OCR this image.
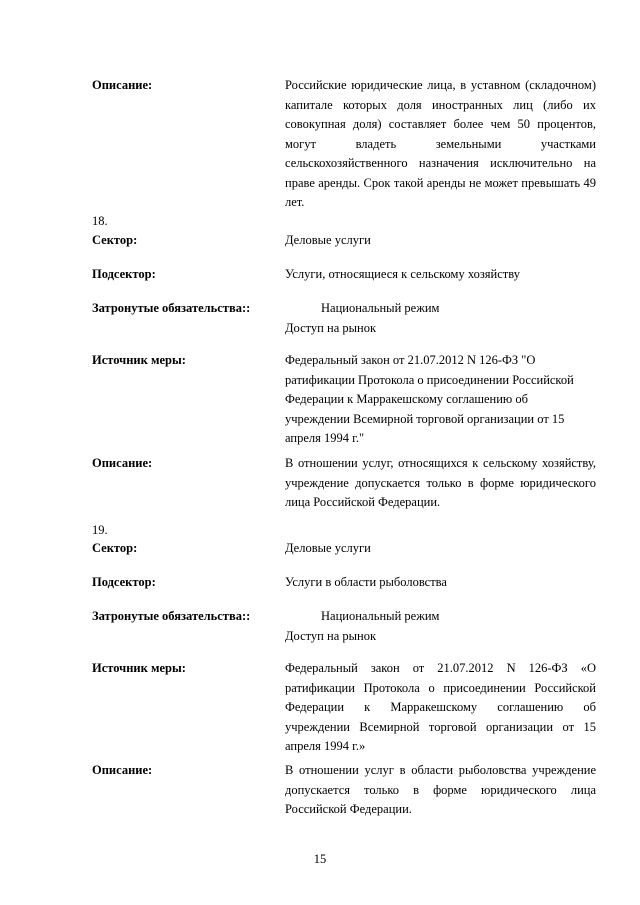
Описание:	Российские юридические лица, в уставном (складочном) капитале которых доля иностранных лиц (либо их совокупная доля) составляет более чем 50 процентов, могут владеть земельными участками сельскохозяйственного назначения исключительно на праве аренды. Срок такой аренды не может превышать 49 лет.
18.
Сектор:	Деловые услуги
Подсектор:	Услуги, относящиеся к сельскому хозяйству
Затронутые обязательства::	Национальный режим
Доступ на рынок
Источник меры:	Федеральный закон от 21.07.2012 N 126-ФЗ "О ратификации Протокола о присоединении Российской Федерации к Марракешскому соглашению об учреждении Всемирной торговой организации от 15 апреля 1994 г."
Описание:	В отношении услуг, относящихся к сельскому хозяйству, учреждение допускается только в форме юридического лица Российской Федерации.
19.
Сектор:	Деловые услуги
Подсектор:	Услуги в области рыболовства
Затронутые обязательства::	Национальный режим
Доступ на рынок
Источник меры:	Федеральный закон от 21.07.2012 N 126-ФЗ «О ратификации Протокола о присоединении Российской Федерации к Марракешскому соглашению об учреждении Всемирной торговой организации от 15 апреля 1994 г.»
Описание:	В отношении услуг в области рыболовства учреждение допускается только в форме юридического лица Российской Федерации.
15
